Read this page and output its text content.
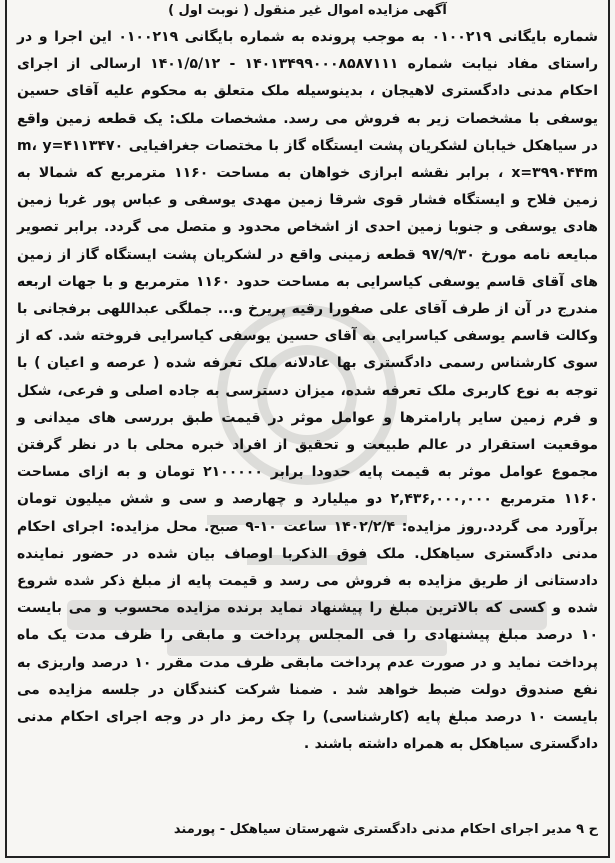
آگهی مزایده اموال غیر منقول ( نوبت اول )

شماره بایگانی ۰۱۰۰۲۱۹ به موجب پرونده به شماره بایگانی ۰۱۰۰۲۱۹ این اجرا و در راستای مفاد نیابت شماره ۱۴۰۱۳۴۹۹۰۰۰۸۵۸۷۱۱۱ - ۱۴۰۱/۵/۱۲ ارسالی از اجرای احکام مدنی دادگستری لاهیجان ، بدینوسیله ملک متعلق به محکوم علیه آقای حسین یوسفی با مشخصات زیر به فروش می رسد. مشخصات ملک: یک قطعه زمین واقع در سیاهکل خیابان لشکریان پشت ایستگاه گاز با مختصات جغرافیایی m، y=۴۱۱۳۴۷۰ ، x=۳۹۹۰۴۴m برابر نقشه ابرازی خواهان به مساحت ۱۱۶۰ مترمربع که شمالا به زمین فلاح و ایستگاه فشار قوی شرقا زمین مهدی یوسفی و عباس پور غربا زمین هادی یوسفی و جنوبا زمین احدی از اشخاص محدود و متصل می گردد. برابر تصویر مبایعه نامه مورخ ۹۷/۹/۳۰ قطعه زمینی واقع در لشکریان پشت ایستگاه گاز از زمین های آقای قاسم یوسفی کیاسرایی به مساحت حدود ۱۱۶۰ مترمربع و با جهات اربعه مندرج در آن از طرف آقای علی صفورا رقیه پریرخ و... جملگی عبداللهی برفجانی با وکالت قاسم یوسفی کیاسرایی به آقای حسین یوسفی کیاسرایی فروخته شد. که از سوی کارشناس رسمی دادگستری بها عادلانه ملک تعرفه شده ( عرصه و اعیان ) با توجه به نوع کاربری ملک تعرفه شده، میزان دسترسی به جاده اصلی و فرعی، شکل و فرم زمین سایر پارامترها و عوامل موثر در قیمت طبق بررسی های میدانی و موقعیت استقرار در عالم طبیعت و تحقیق از افراد خبره محلی با در نظر گرفتن مجموع عوامل موثر به قیمت پایه حدودا برابر ۲۱۰۰۰۰۰ تومان و به ازای مساحت ۱۱۶۰ مترمربع ۲,۴۳۶,۰۰۰,۰۰۰ دو میلیارد و چهارصد و سی و شش میلیون تومان برآورد می گردد.روز مزایده: ۱۴۰۲/۲/۴ ساعت ۱۰-۹ صبح. محل مزایده: اجرای احکام مدنی دادگستری سیاهکل. ملک فوق الذکربا اوصاف بیان شده در حضور نماینده دادستانی از طریق مزایده به فروش می رسد و قیمت پایه از مبلغ ذکر شده شروع شده و کسی که بالاترین مبلغ را پیشنهاد نماید برنده مزایده محسوب و می بایست ۱۰ درصد مبلغ پیشنهادی را فی المجلس پرداخت و مابقی را ظرف مدت یک ماه پرداخت نماید و در صورت عدم پرداخت مابقی ظرف مدت مقرر ۱۰ درصد واریزی به نفع صندوق دولت ضبط خواهد شد . ضمنا شرکت کنندگان در جلسه مزایده می بایست ۱۰ درصد مبلغ پایه (کارشناسی) را چک رمز دار در وجه اجرای احکام مدنی دادگستری سیاهکل به همراه داشته باشند .

ح ۹ مدیر اجرای احکام مدنی دادگستری شهرستان سیاهکل - پورمند
